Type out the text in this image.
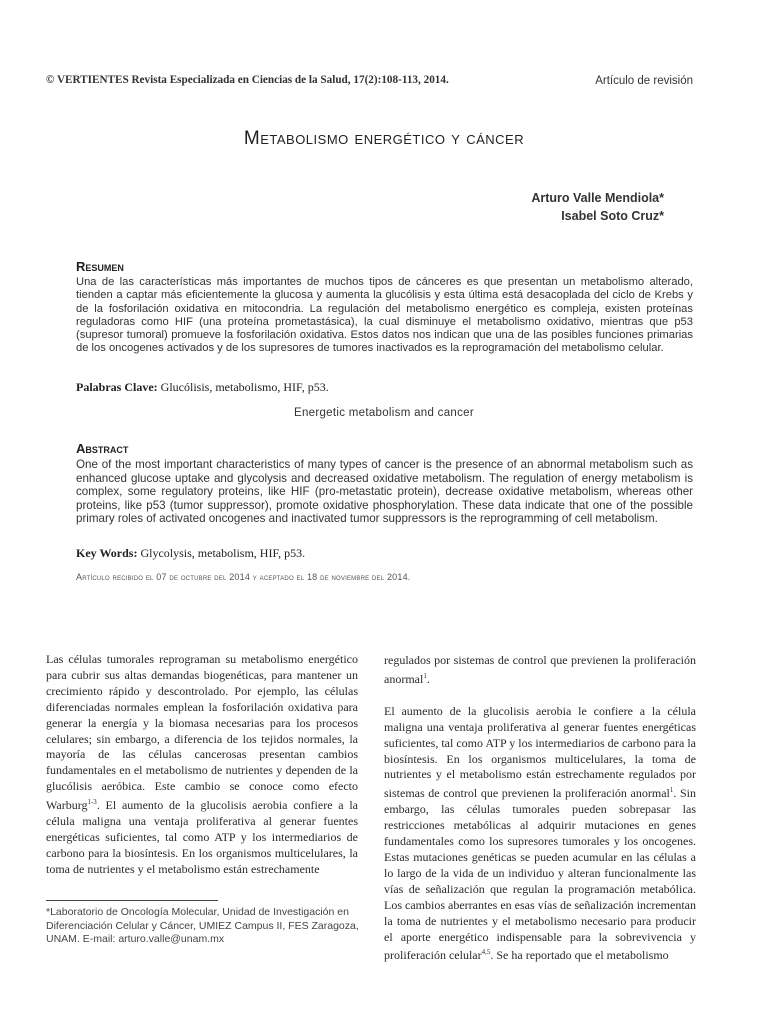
© VERTIENTES Revista Especializada en Ciencias de la Salud, 17(2):108-113, 2014.	Artículo de revisión
Metabolismo energético y cáncer
Arturo Valle Mendiola*
Isabel Soto Cruz*
Resumen
Una de las características más importantes de muchos tipos de cánceres es que presentan un metabolismo alterado, tienden a captar más eficientemente la glucosa y aumenta la glucólisis y esta última está desacoplada del ciclo de Krebs y de la fosforilación oxidativa en mitocondria. La regulación del metabolismo energético es compleja, existen proteínas reguladoras como HIF (una proteína prometastásica), la cual disminuye el metabolismo oxidativo, mientras que p53 (supresor tumoral) promueve la fosforilación oxidativa. Estos datos nos indican que una de las posibles funciones primarias de los oncogenes activados y de los supresores de tumores inactivados es la reprogramación del metabolismo celular.
Palabras Clave: Glucólisis, metabolismo, HIF, p53.
Energetic metabolism and cancer
Abstract
One of the most important characteristics of many types of cancer is the presence of an abnormal metabolism such as enhanced glucose uptake and glycolysis and decreased oxidative metabolism. The regulation of energy metabolism is complex, some regulatory proteins, like HIF (pro-metastatic protein), decrease oxidative metabolism, whereas other proteins, like p53 (tumor suppressor), promote oxidative phosphorylation. These data indicate that one of the possible primary roles of activated oncogenes and inactivated tumor suppressors is the reprogramming of cell metabolism.
Key Words: Glycolysis, metabolism, HIF, p53.
Artículo recibido el 07 de octubre del 2014 y aceptado el 18 de noviembre del 2014.

Las células tumorales reprograman su metabolismo energético para cubrir sus altas demandas biogenéticas, para mantener un crecimiento rápido y descontrolado. Por ejemplo, las células diferenciadas normales emplean la fosforilación oxidativa para generar la energía y la biomasa necesarias para los procesos celulares; sin embargo, a diferencia de los tejidos normales, la mayoría de las células cancerosas presentan cambios fundamentales en el metabolismo de nutrientes y dependen de la glucólisis aeróbica. Este cambio se conoce como efecto Warburg$^{1-3}$. El aumento de la glucolisis aerobia confiere a la célula maligna una ventaja proliferativa al generar fuentes energéticas suficientes, tal como ATP y los intermediarios de carbono para la biosíntesis. En los organismos multicelulares, la toma de nutrientes y el metabolismo están estrechamente

regulados por sistemas de control que previenen la proliferación anormal$^1$.

El aumento de la glucolisis aerobia le confiere a la célula maligna una ventaja proliferativa al generar fuentes energéticas suficientes, tal como ATP y los intermediarios de carbono para la biosíntesis. En los organismos multicelulares, la toma de nutrientes y el metabolismo están estrechamente regulados por sistemas de control que previenen la proliferación anormal$^1$. Sin embargo, las células tumorales pueden sobrepasar las restricciones metabólicas al adquirir mutaciones en genes fundamentales como los supresores tumorales y los oncogenes. Estas mutaciones genéticas se pueden acumular en las células a lo largo de la vida de un individuo y alteran funcionalmente las vías de señalización que regulan la programación metabólica. Los cambios aberrantes en esas vías de señalización incrementan la toma de nutrientes y el metabolismo necesario para producir el aporte energético indispensable para la sobrevivencia y proliferación celular$^{4,5}$. Se ha reportado que el metabolismo

*Laboratorio de Oncología Molecular, Unidad de Investigación en Diferenciación Celular y Cáncer, UMIEZ Campus II, FES Zaragoza, UNAM. E-mail: arturo.valle@unam.mx
